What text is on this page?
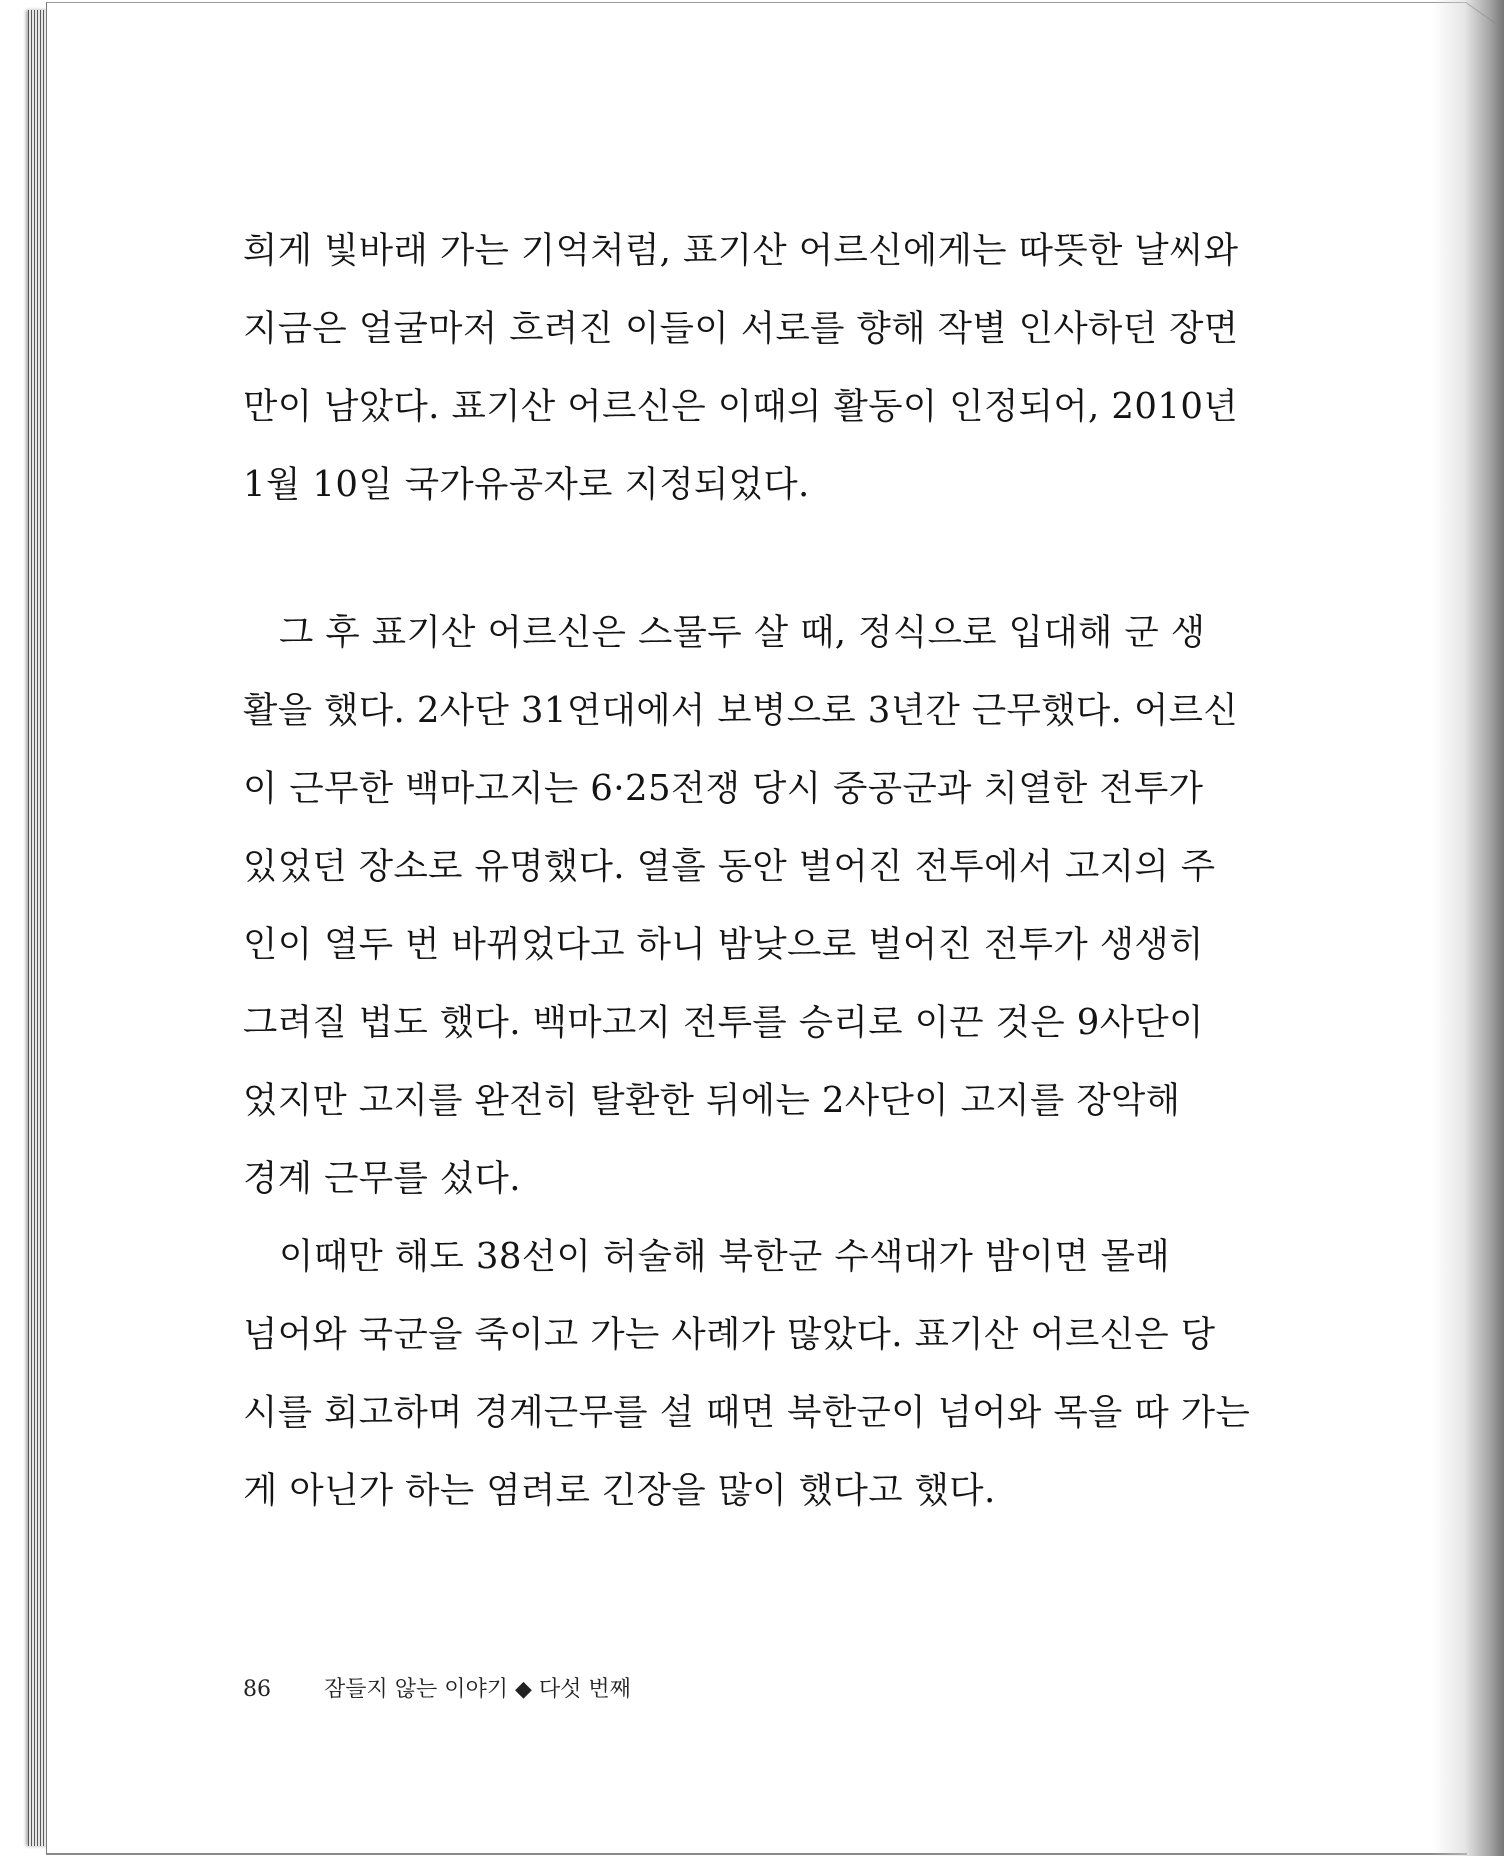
희게 빛바래 가는 기억처럼, 표기산 어르신에게는 따뜻한 날씨와
지금은 얼굴마저 흐려진 이들이 서로를 향해 작별 인사하던 장면
만이 남았다. 표기산 어르신은 이때의 활동이 인정되어, 2010년
1월 10일 국가유공자로 지정되었다.
그 후 표기산 어르신은 스물두 살 때, 정식으로 입대해 군 생
활을 했다. 2사단 31연대에서 보병으로 3년간 근무했다. 어르신
이 근무한 백마고지는 6·25전쟁 당시 중공군과 치열한 전투가
있었던 장소로 유명했다. 열흘 동안 벌어진 전투에서 고지의 주
인이 열두 번 바뀌었다고 하니 밤낮으로 벌어진 전투가 생생히
그려질 법도 했다. 백마고지 전투를 승리로 이끈 것은 9사단이
었지만 고지를 완전히 탈환한 뒤에는 2사단이 고지를 장악해
경계 근무를 섰다.
이때만 해도 38선이 허술해 북한군 수색대가 밤이면 몰래
넘어와 국군을 죽이고 가는 사례가 많았다. 표기산 어르신은 당
시를 회고하며 경계근무를 설 때면 북한군이 넘어와 목을 따 가는
게 아닌가 하는 염려로 긴장을 많이 했다고 했다.
86 잠들지 않는 이야기 ◆ 다섯 번째
